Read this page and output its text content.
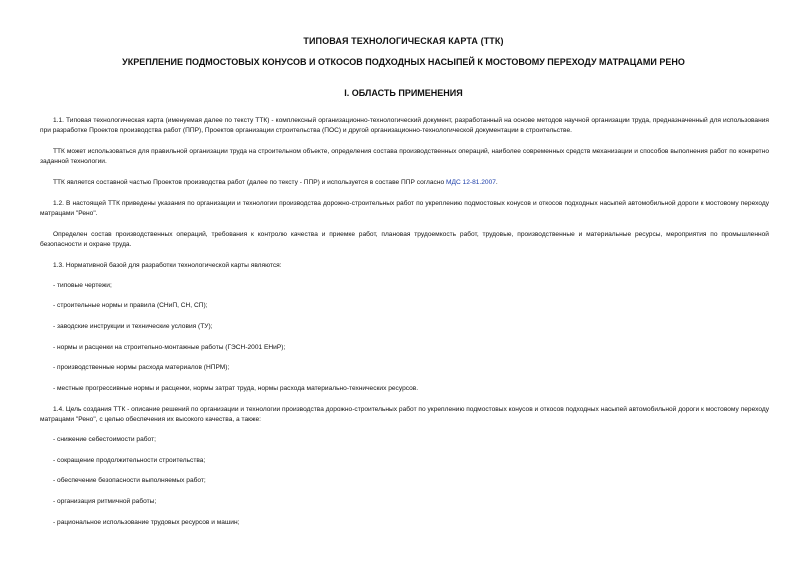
ТИПОВАЯ ТЕХНОЛОГИЧЕСКАЯ КАРТА (ТТК)
УКРЕПЛЕНИЕ ПОДМОСТОВЫХ КОНУСОВ И ОТКОСОВ ПОДХОДНЫХ НАСЫПЕЙ К МОСТОВОМУ ПЕРЕХОДУ МАТРАЦАМИ РЕНО
I. ОБЛАСТЬ ПРИМЕНЕНИЯ
1.1. Типовая технологическая карта (именуемая далее по тексту ТТК) - комплексный организационно-технологический документ, разработанный на основе методов научной организации труда, предназначенный для использования при разработке Проектов производства работ (ППР), Проектов организации строительства (ПОС) и другой организационно-технологической документации в строительстве.
ТТК может использоваться для правильной организации труда на строительном объекте, определения состава производственных операций, наиболее современных средств механизации и способов выполнения работ по конкретно заданной технологии.
ТТК является составной частью Проектов производства работ (далее по тексту - ППР) и используется в составе ППР согласно МДС 12-81.2007.
1.2. В настоящей ТТК приведены указания по организации и технологии производства дорожно-строительных работ по укреплению подмостовых конусов и откосов подходных насыпей автомобильной дороги к мостовому переходу матрацами "Рено".
Определен состав производственных операций, требования к контролю качества и приемке работ, плановая трудоемкость работ, трудовые, производственные и материальные ресурсы, мероприятия по промышленной безопасности и охране труда.
1.3. Нормативной базой для разработки технологической карты являются:
- типовые чертежи;
- строительные нормы и правила (СНиП, СН, СП);
- заводские инструкции и технические условия (ТУ);
- нормы и расценки на строительно-монтажные работы (ГЭСН-2001 ЕНиР);
- производственные нормы расхода материалов (НПРМ);
- местные прогрессивные нормы и расценки, нормы затрат труда, нормы расхода материально-технических ресурсов.
1.4. Цель создания ТТК - описание решений по организации и технологии производства дорожно-строительных работ по укреплению подмостовых конусов и откосов подходных насыпей автомобильной дороги к мостовому переходу матрацами "Рено", с целью обеспечения их высокого качества, а также:
- снижение себестоимости работ;
- сокращение продолжительности строительства;
- обеспечение безопасности выполняемых работ;
- организация ритмичной работы;
- рациональное использование трудовых ресурсов и машин;
